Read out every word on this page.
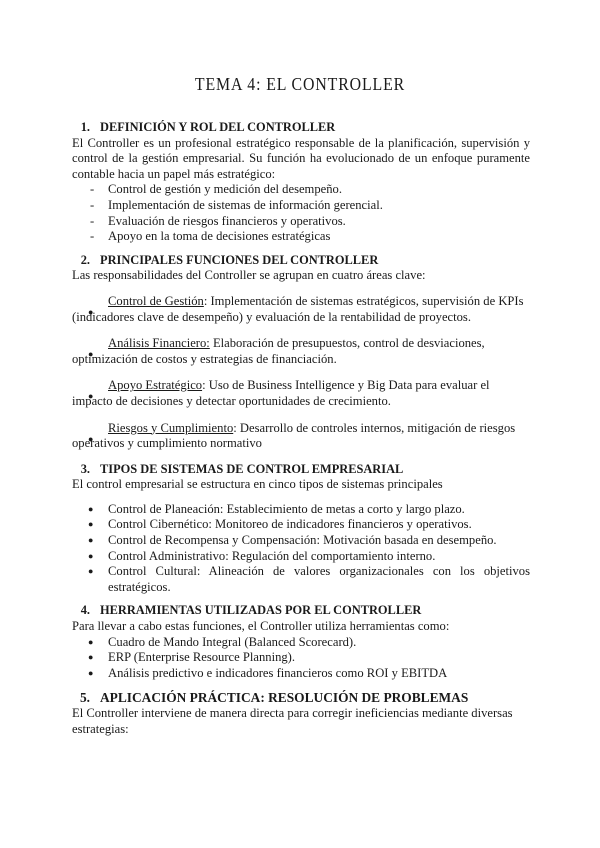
TEMA 4: EL CONTROLLER
1. DEFINICIÓN Y ROL DEL CONTROLLER

El Controller es un profesional estratégico responsable de la planificación, supervisión y control de la gestión empresarial. Su función ha evolucionado de un enfoque puramente contable hacia un papel más estratégico:

- Control de gestión y medición del desempeño.
- Implementación de sistemas de información gerencial.
- Evaluación de riesgos financieros y operativos.
- Apoyo en la toma de decisiones estratégicas
2. PRINCIPALES FUNCIONES DEL CONTROLLER

Las responsabilidades del Controller se agrupan en cuatro áreas clave:

Control de Gestión: Implementación de sistemas estratégicos, supervisión de KPIs (indicadores clave de desempeño) y evaluación de la rentabilidad de proyectos.

Análisis Financiero: Elaboración de presupuestos, control de desviaciones, optimización de costos y estrategias de financiación.

Apoyo Estratégico: Uso de Business Intelligence y Big Data para evaluar el impacto de decisiones y detectar oportunidades de crecimiento.

Riesgos y Cumplimiento: Desarrollo de controles internos, mitigación de riesgos operativos y cumplimiento normativo

3. TIPOS DE SISTEMAS DE CONTROL EMPRESARIAL

El control empresarial se estructura en cinco tipos de sistemas principales

● Control de Planeación: Establecimiento de metas a corto y largo plazo.
● Control Cibernético: Monitoreo de indicadores financieros y operativos.
● Control de Recompensa y Compensación: Motivación basada en desempeño.
● Control Administrativo: Regulación del comportamiento interno.
● Control Cultural: Alineación de valores organizacionales con los objetivos estratégicos.
4. HERRAMIENTAS UTILIZADAS POR EL CONTROLLER

Para llevar a cabo estas funciones, el Controller utiliza herramientas como:

● Cuadro de Mando Integral (Balanced Scorecard).
● ERP (Enterprise Resource Planning).
● Análisis predictivo e indicadores financieros como ROI y EBITDA
5. APLICACIÓN PRÁCTICA: RESOLUCIÓN DE PROBLEMAS

El Controller interviene de manera directa para corregir ineficiencias mediante diversas estrategias:
